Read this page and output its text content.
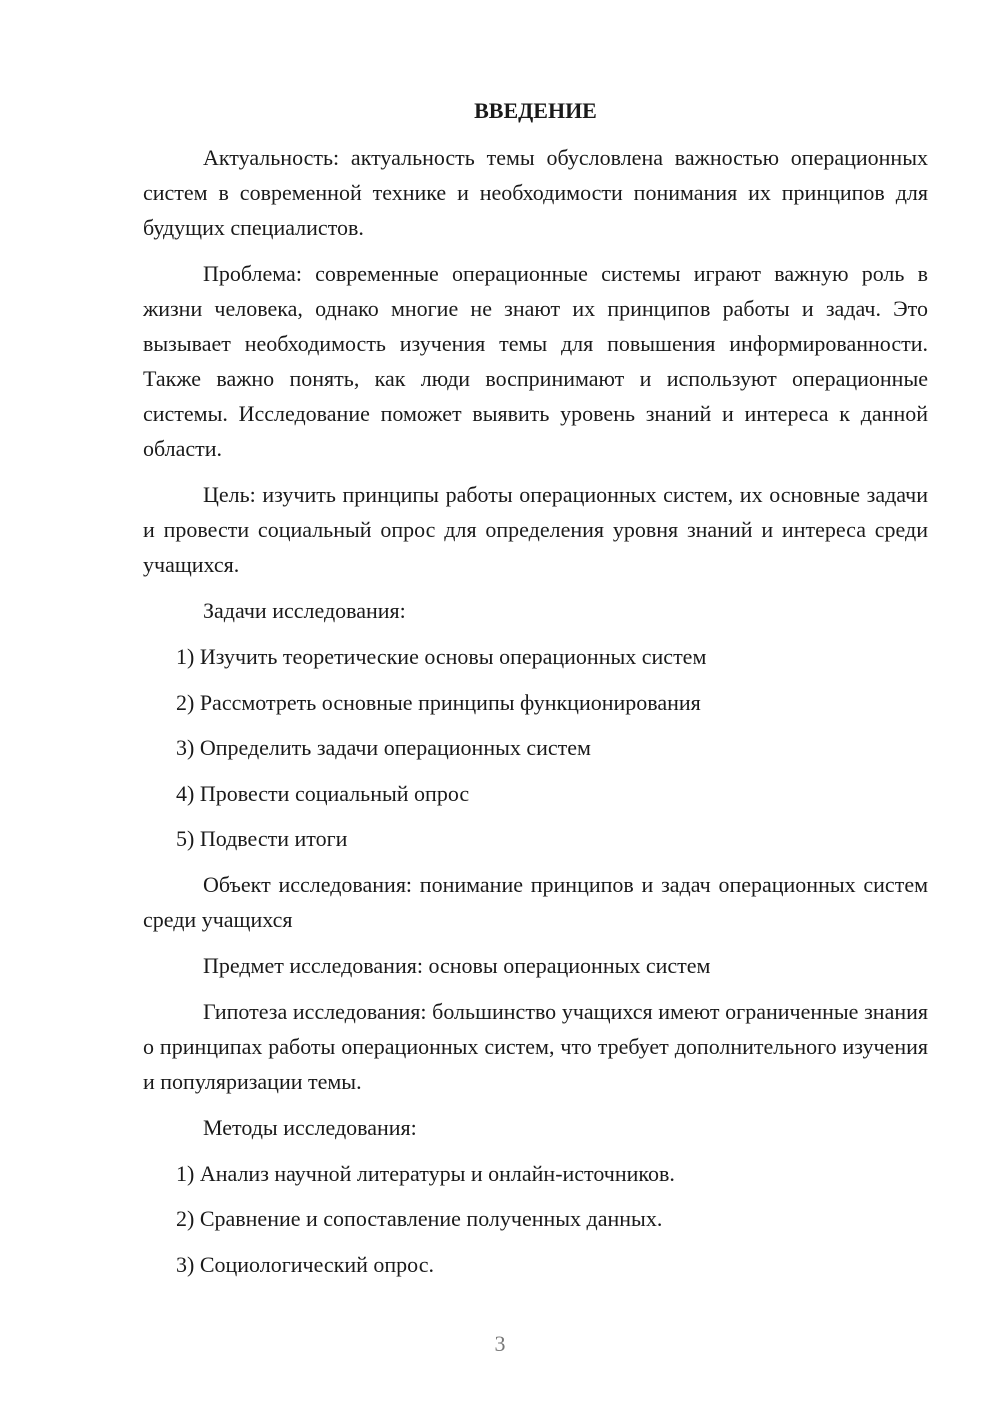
ВВЕДЕНИЕ

Актуальность: актуальность темы обусловлена важностью операционных систем в современной технике и необходимости понимания их принципов для будущих специалистов.

Проблема: современные операционные системы играют важную роль в жизни человека, однако многие не знают их принципов работы и задач. Это вызывает необходимость изучения темы для повышения информированности. Также важно понять, как люди воспринимают и используют операционные системы. Исследование поможет выявить уровень знаний и интереса к данной области.

Цель: изучить принципы работы операционных систем, их основные задачи и провести социальный опрос для определения уровня знаний и интереса среди учащихся.

Задачи исследования:

1) Изучить теоретические основы операционных систем
2) Рассмотреть основные принципы функционирования
3) Определить задачи операционных систем
4) Провести социальный опрос
5) Подвести итоги

Объект исследования: понимание принципов и задач операционных систем среди учащихся

Предмет исследования: основы операционных систем

Гипотеза исследования: большинство учащихся имеют ограниченные знания о принципах работы операционных систем, что требует дополнительного изучения и популяризации темы.

Методы исследования:

1) Анализ научной литературы и онлайн-источников.
2) Сравнение и сопоставление полученных данных.
3) Социологический опрос.
3
